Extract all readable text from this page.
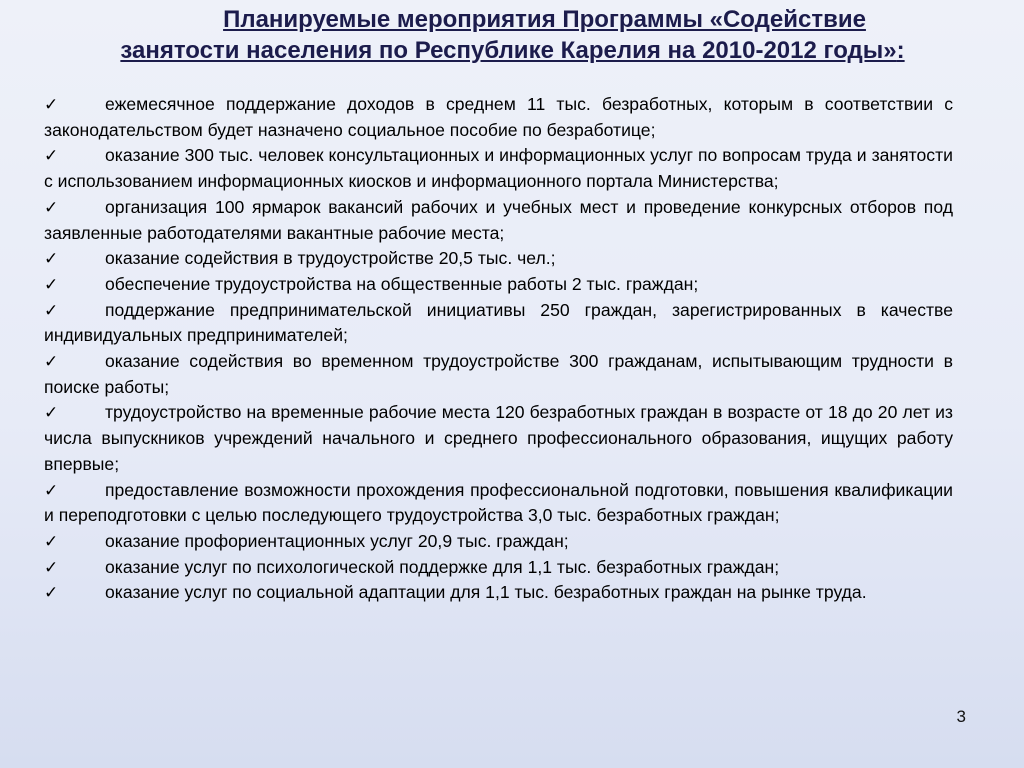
Планируемые мероприятия Программы «Содействие
занятости населения по Республике Карелия на 2010-2012 годы»:

✓	ежемесячное поддержание доходов в среднем 11 тыс. безработных, которым в соответствии с законодательством будет назначено социальное пособие по безработице;

✓	оказание 300 тыс. человек консультационных и информационных услуг по вопросам труда и занятости с использованием информационных киосков и информационного портала Министерства;

✓	организация 100 ярмарок вакансий рабочих и учебных мест и проведение конкурсных отборов под заявленные работодателями вакантные рабочие места;

✓	оказание содействия в трудоустройстве 20,5 тыс. чел.;

✓	обеспечение трудоустройства на общественные работы 2 тыс. граждан;

✓	поддержание предпринимательской инициативы 250 граждан, зарегистрированных в качестве индивидуальных предпринимателей;

✓	оказание содействия во временном трудоустройстве 300 гражданам, испытывающим трудности в поиске работы;

✓	трудоустройство на временные рабочие места 120 безработных граждан в возрасте от 18 до 20 лет из числа выпускников учреждений начального и среднего профессионального образования, ищущих работу впервые;

✓	предоставление возможности прохождения профессиональной подготовки, повышения квалификации и переподготовки с целью последующего трудоустройства 3,0 тыс. безработных граждан;

✓	оказание профориентационных услуг 20,9 тыс. граждан;

✓	оказание услуг по психологической поддержке для 1,1 тыс. безработных граждан;

✓	оказание услуг по социальной адаптации для 1,1 тыс. безработных граждан на рынке труда.

3
